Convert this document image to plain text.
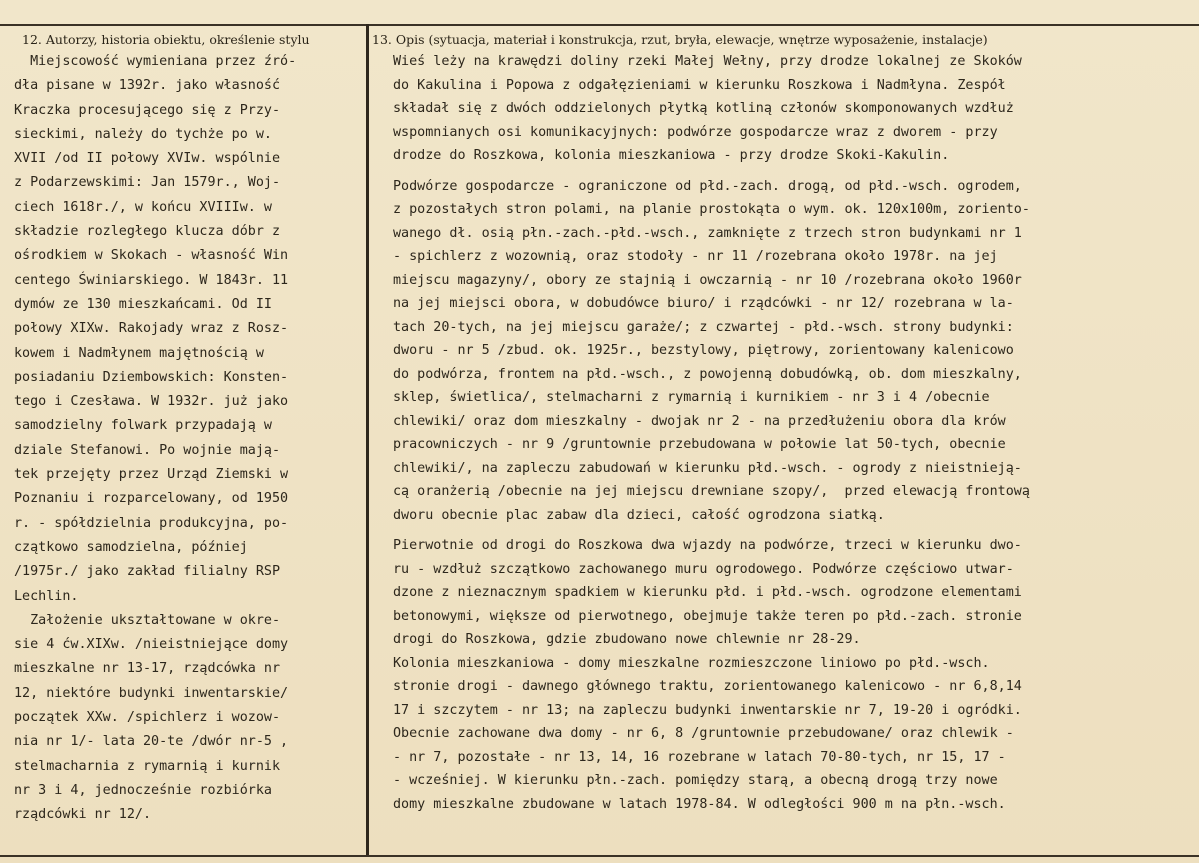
12. Autorzy, historia obiektu, określenie stylu	13. Opis (sytuacja, materiał i konstrukcja, rzut, bryła, elewacje, wnętrze wyposażenie, instalacje)
Miejscowość wymieniana przez źró-
dła pisane w 1392r. jako własność
Kraczka procesującego się z Przy-
sieckimi, należy do tychże po w.
XVII /od II połowy XVIw. wspólnie
z Podarzewskimi: Jan 1579r., Woj-
ciech 1618r./, w końcu XVIIIw. w
składzie rozległego klucza dóbr z
ośrodkiem w Skokach - własność Win
centego Świniarskiego. W 1843r. 11
dymów ze 130 mieszkańcami. Od II
połowy XIXw. Rakojady wraz z Rosz-
kowem i Nadmłynem majętnością w
posiadaniu Dziembowskich: Konsten-
tego i Czesława. W 1932r. już jako
samodzielny folwark przypadają w
dziale Stefanowi. Po wojnie mają-
tek przejęty przez Urząd Ziemski w
Poznaniu i rozparcelowany, od 1950
r. - spółdzielnia produkcyjna, po-
czątkowo samodzielna, później
/1975r./ jako zakład filialny RSP
Lechlin.
Założenie ukształtowane w okre-
sie 4 ćw.XIXw. /nieistniejące domy
mieszkalne nr 13-17, rządcówka nr
12, niektóre budynki inwentarskie/
początek XXw. /spichlerz i wozow-
nia nr 1/- lata 20-te /dwór nr-5 ,
stelmacharnia z rymarnią i kurnik
nr 3 i 4, jednocześnie rozbiórka
rządcówki nr 12/.
Wieś leży na krawędzi doliny rzeki Małej Wełny, przy drodze lokalnej ze Skoków
do Kakulina i Popowa z odgałęzieniami w kierunku Roszkowa i Nadmłyna. Zespół
składał się z dwóch oddzielonych płytką kotliną członów skomponowanych wzdłuż
wspomnianych osi komunikacyjnych: podwórze gospodarcze wraz z dworem - przy
drodze do Roszkowa, kolonia mieszkaniowa - przy drodze Skoki-Kakulin.
Podwórze gospodarcze - ograniczone od płd.-zach. drogą, od płd.-wsch. ogrodem,
z pozostałych stron polami, na planie prostokąta o wym. ok. 120x100m, zoriento-
wanego dł. osią płn.-zach.-płd.-wsch., zamknięte z trzech stron budynkami nr 1
- spichlerz z wozownią, oraz stodoły - nr 11 /rozebrana około 1978r. na jej
miejscu magazyny/, obory ze stajnią i owczarnią - nr 10 /rozebrana około 1960r
na jej miejsci obora, w dobudówce biuro/ i rządcówki - nr 12/ rozebrana w la-
tach 20-tych, na jej miejscu garaże/; z czwartej - płd.-wsch. strony budynki:
dworu - nr 5 /zbud. ok. 1925r., bezstylowy, piętrowy, zorientowany kalenicowo
do podwórza, frontem na płd.-wsch., z powojenną dobudówką, ob. dom mieszkalny,
sklep, świetlica/, stelmacharni z rymarnią i kurnikiem - nr 3 i 4 /obecnie
chlewiki/ oraz dom mieszkalny - dwojak nr 2 - na przedłużeniu obora dla krów
pracowniczych - nr 9 /gruntownie przebudowana w połowie lat 50-tych, obecnie
chlewiki/, na zapleczu zabudowań w kierunku płd.-wsch. - ogrody z nieistnieją-
cą oranżerią /obecnie na jej miejscu drewniane szopy/,  przed elewacją frontową
dworu obecnie plac zabaw dla dzieci, całość ogrodzona siatką.
Pierwotnie od drogi do Roszkowa dwa wjazdy na podwórze, trzeci w kierunku dwo-
ru - wzdłuż szczątkowo zachowanego muru ogrodowego. Podwórze częściowo utwar-
dzone z nieznacznym spadkiem w kierunku płd. i płd.-wsch. ogrodzone elementami
betonowymi, większe od pierwotnego, obejmuje także teren po płd.-zach. stronie
drogi do Roszkowa, gdzie zbudowano nowe chlewnie nr 28-29.
Kolonia mieszkaniowa - domy mieszkalne rozmieszczone liniowo po płd.-wsch.
stronie drogi - dawnego głównego traktu, zorientowanego kalenicowo - nr 6,8,14
17 i szczytem - nr 13; na zapleczu budynki inwentarskie nr 7, 19-20 i ogródki.
Obecnie zachowane dwa domy - nr 6, 8 /gruntownie przebudowane/ oraz chlewik -
- nr 7, pozostałe - nr 13, 14, 16 rozebrane w latach 70-80-tych, nr 15, 17 -
- wcześniej. W kierunku płn.-zach. pomiędzy starą, a obecną drogą trzy nowe
domy mieszkalne zbudowane w latach 1978-84. W odległości 900 m na płn.-wsch.
